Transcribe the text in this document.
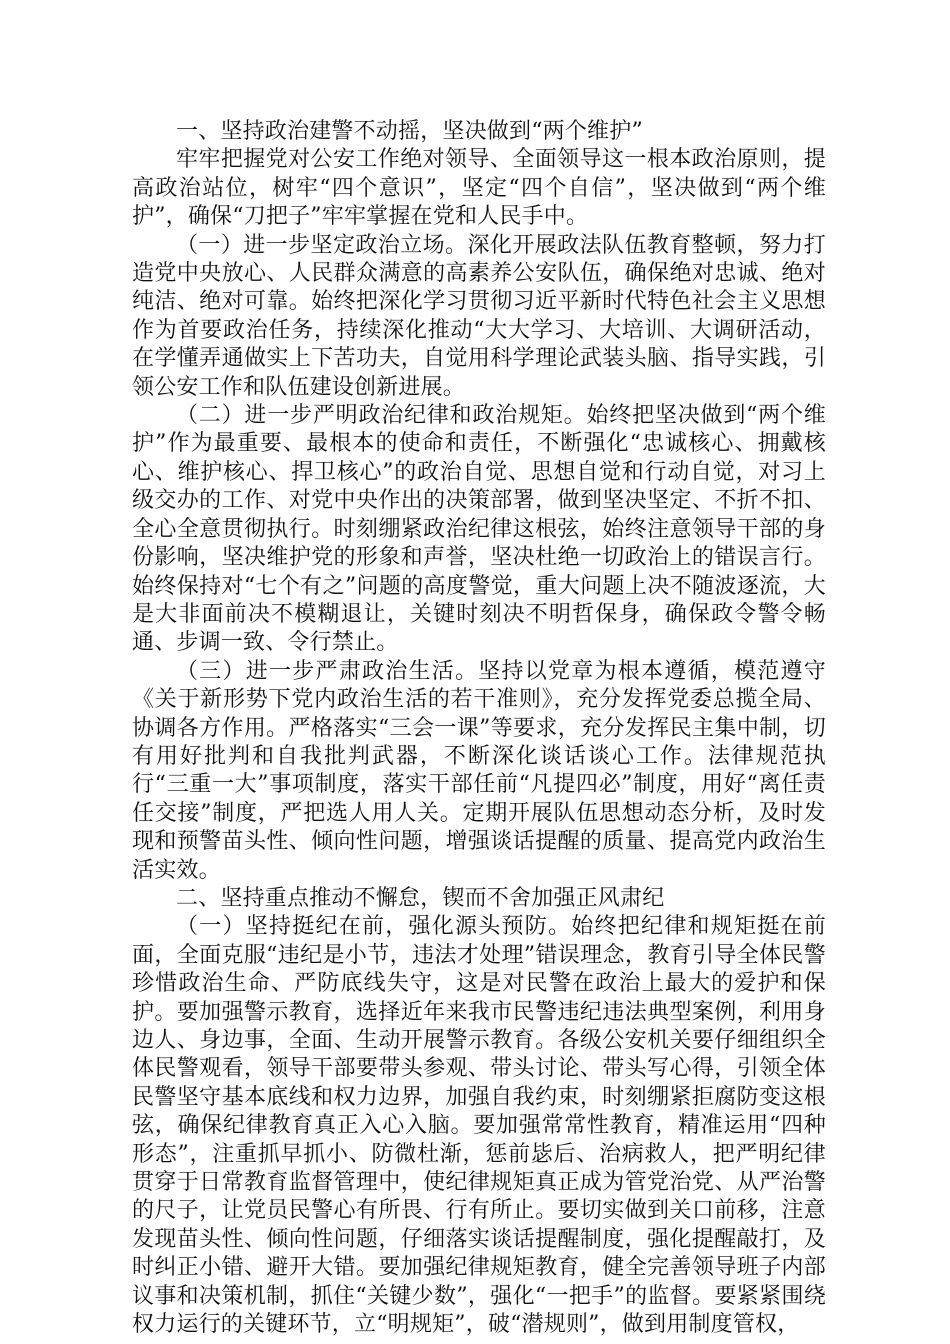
一、坚持政治建警不动摇，坚决做到“两个维护”

牢牢把握党对公安工作绝对领导、全面领导这一根本政治原则，提高政治站位，树牢“四个意识”，坚定“四个自信”，坚决做到“两个维护”，确保“刀把子”牢牢掌握在党和人民手中。

（一）进一步坚定政治立场。深化开展政法队伍教育整顿，努力打造党中央放心、人民群众满意的高素养公安队伍，确保绝对忠诚、绝对纯洁、绝对可靠。始终把深化学习贯彻习近平新时代特色社会主义思想作为首要政治任务，持续深化推动“大大学习、大培训、大调研活动，在学懂弄通做实上下苦功夫，自觉用科学理论武装头脑、指导实践，引领公安工作和队伍建设创新进展。

（二）进一步严明政治纪律和政治规矩。始终把坚决做到“两个维护”作为最重要、最根本的使命和责任，不断强化“忠诚核心、拥戴核心、维护核心、捍卫核心”的政治自觉、思想自觉和行动自觉，对习上级交办的工作、对党中央作出的决策部署，做到坚决坚定、不折不扣、全心全意贯彻执行。时刻绷紧政治纪律这根弦，始终注意领导干部的身份影响，坚决维护党的形象和声誉，坚决杜绝一切政治上的错误言行。始终保持对“七个有之”问题的高度警觉，重大问题上决不随波逐流，大是大非面前决不模糊退让，关键时刻决不明哲保身，确保政令警令畅通、步调一致、令行禁止。

（三）进一步严肃政治生活。坚持以党章为根本遵循，模范遵守《关于新形势下党内政治生活的若干准则》，充分发挥党委总揽全局、协调各方作用。严格落实“三会一课”等要求，充分发挥民主集中制，切有用好批判和自我批判武器，不断深化谈话谈心工作。法律规范执行“三重一大”事项制度，落实干部任前“凡提四必”制度，用好“离任责任交接”制度，严把选人用人关。定期开展队伍思想动态分析，及时发现和预警苗头性、倾向性问题，增强谈话提醒的质量、提高党内政治生活实效。

二、坚持重点推动不懈怠，锲而不舍加强正风肃纪

（一）坚持挺纪在前，强化源头预防。始终把纪律和规矩挺在前面，全面克服“违纪是小节，违法才处理”错误理念，教育引导全体民警珍惜政治生命、严防底线失守，这是对民警在政治上最大的爱护和保护。要加强警示教育，选择近年来我市民警违纪违法典型案例，利用身边人、身边事，全面、生动开展警示教育。各级公安机关要仔细组织全体民警观看，领导干部要带头参观、带头讨论、带头写心得，引领全体民警坚守基本底线和权力边界，加强自我约束，时刻绷紧拒腐防变这根弦，确保纪律教育真正入心入脑。要加强常常性教育，精准运用“四种形态”，注重抓早抓小、防微杜渐，惩前毖后、治病救人，把严明纪律贯穿于日常教育监督管理中，使纪律规矩真正成为管党治党、从严治警的尺子，让党员民警心有所畏、行有所止。要切实做到关口前移，注意发现苗头性、倾向性问题，仔细落实谈话提醒制度，强化提醒敲打，及时纠正小错、避开大错。要加强纪律规矩教育，健全完善领导班子内部议事和决策机制，抓住“关键少数”，强化“一把手”的监督。要紧紧围绕权力运行的关键环节，立“明规矩”，破“潜规则”，做到用制度管权，
